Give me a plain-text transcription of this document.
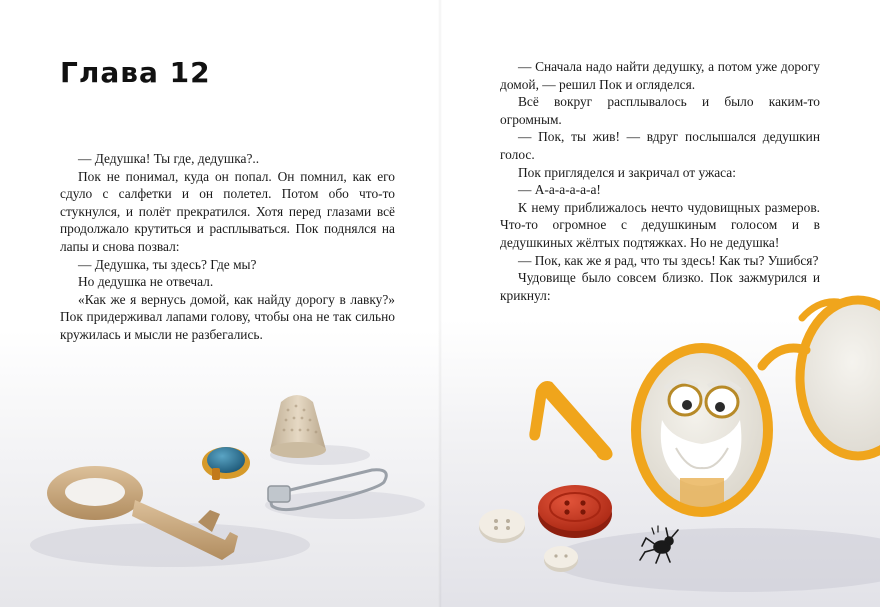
Глава 12

— Дедушка! Ты где, дедушка?..

Пок не понимал, куда он попал. Он помнил, как его сдуло с салфетки и он полетел. Потом обо что-то стукнулся, и полёт прекратился. Хотя перед глазами всё продолжало крутиться и расплываться. Пок поднялся на лапы и снова позвал:

— Дедушка, ты здесь? Где мы?

Но дедушка не отвечал.

«Как же я вернусь домой, как найду дорогу в лавку?» Пок придерживал лапами голову, чтобы она не так сильно кружилась и мысли не разбегались.

— Сначала надо найти дедушку, а потом уже дорогу домой, — решил Пок и огляделся.

Всё вокруг расплывалось и было каким-то огромным.

— Пок, ты жив! — вдруг послышался дедушкин голос.

Пок пригляделся и закричал от ужаса:

— А-а-а-а-а-а!

К нему приближалось нечто чудовищных размеров. Что-то огромное с дедушкиным голосом и в дедушкиных жёлтых подтяжках. Но не дедушка!

— Пок, как же я рад, что ты здесь! Как ты? Ушибся?

Чудовище было совсем близко. Пок зажмурился и крикнул:
